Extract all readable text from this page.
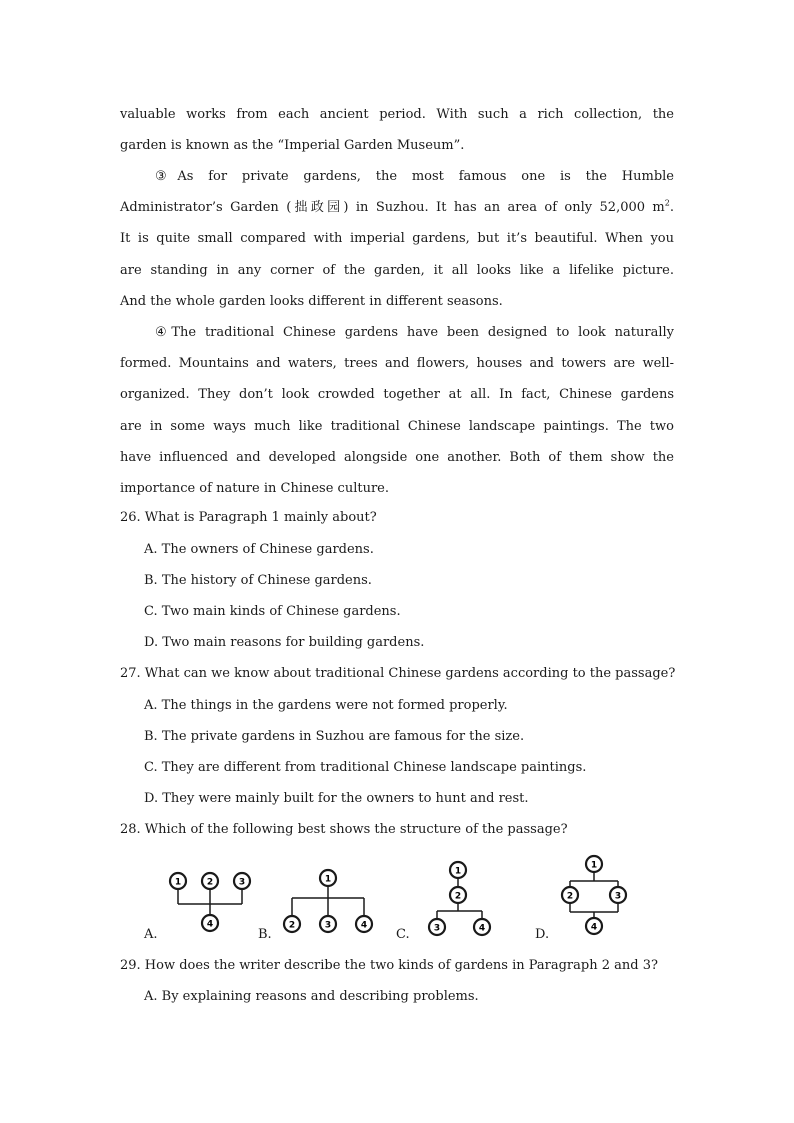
valuable works from each ancient period. With such a rich collection, the
garden is known as the “Imperial Garden Museum”.
③As for private gardens, the most famous one is the Humble
Administrator’s Garden (拙政园) in Suzhou. It has an area of only 52,000 $m^2$.
It is quite small compared with imperial gardens, but it’s beautiful. When you
are standing in any corner of the garden, it all looks like a lifelike picture.
And the whole garden looks different in different seasons.
④The traditional Chinese gardens have been designed to look naturally
formed. Mountains and waters, trees and flowers, houses and towers are well-
organized. They don’t look crowded together at all. In fact, Chinese gardens
are in some ways much like traditional Chinese landscape paintings. The two
have influenced and developed alongside one another. Both of them show the
importance of nature in Chinese culture.
26. What is Paragraph 1 mainly about?
A. The owners of Chinese gardens.
B. The history of Chinese gardens.
C. Two main kinds of Chinese gardens.
D. Two main reasons for building gardens.
27. What can we know about traditional Chinese gardens according to the passage?
A. The things in the gardens were not formed properly.
B. The private gardens in Suzhou are famous for the size.
C. They are different from traditional Chinese landscape paintings.
D. They were mainly built for the owners to hunt and rest.
28. Which of the following best shows the structure of the passage?
A.	B.	C.	D.
1	2	3
4
1
2	3	4
1
2
3	4
1
2	3
4
29. How does the writer describe the two kinds of gardens in Paragraph 2 and 3?
A. By explaining reasons and describing problems.
